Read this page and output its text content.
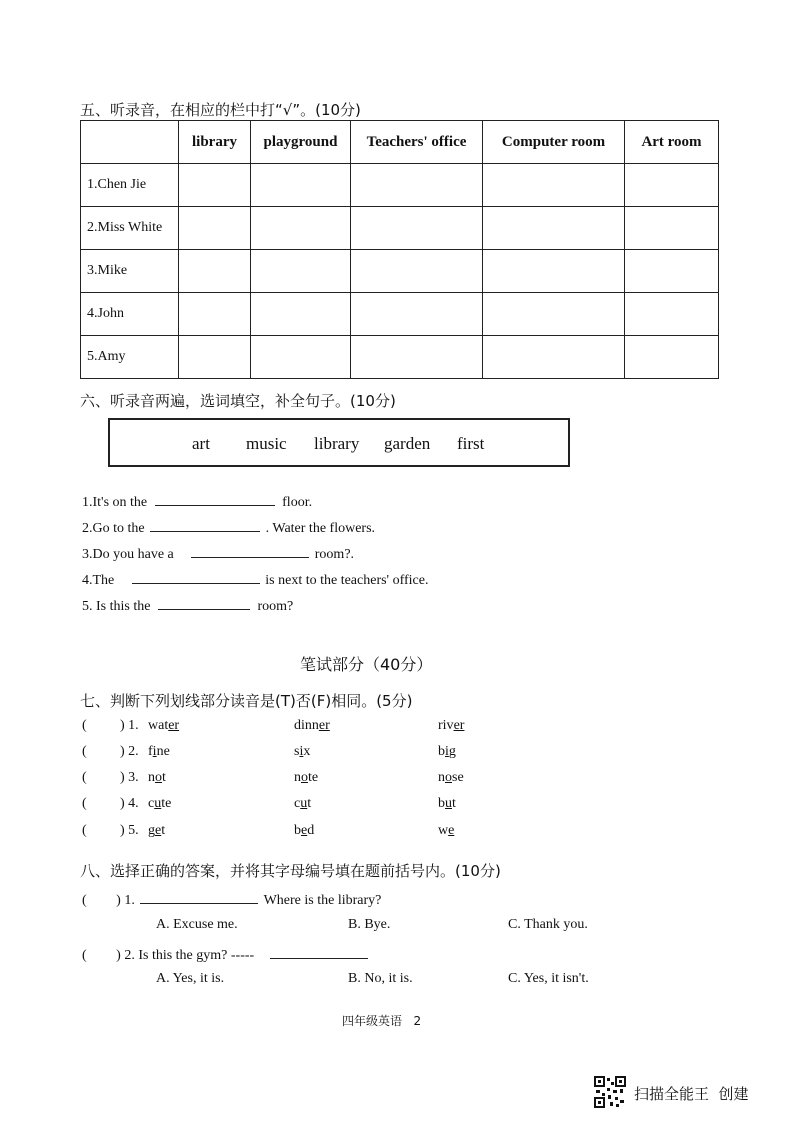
五、听录音，在相应的栏中打“√”。(10分)
	library	playground	Teachers' office	Computer room	Art room
1.Chen Jie					
2.Miss White					
3.Mike					
4.John					
5.Amy					
六、听录音两遍，选词填空，补全句子。(10分)
art music library garden first
1.It's on the	floor.
2.Go to the	. Water the flowers.
3.Do you have a	room?.
4.The	is next to the teachers' office.
5. Is this the	room?
笔试部分（40分）
七、判断下列划线部分读音是(T)否(F)相同。(5分)
( ) 1. water	dinner	river
( ) 2. fine	six	big
( ) 3. not	note	nose
( ) 4. cute	cut	but
( ) 5. get	bed	we
八、选择正确的答案，并将其字母编号填在题前括号内。(10分)
( ) 1.	Where is the library?
A. Excuse me.	B. Bye.	C. Thank you.
( ) 2. Is this the gym? -----
A. Yes, it is.	B. No, it is.	C. Yes, it isn't.
四年级英语   2
扫描全能王  创建
